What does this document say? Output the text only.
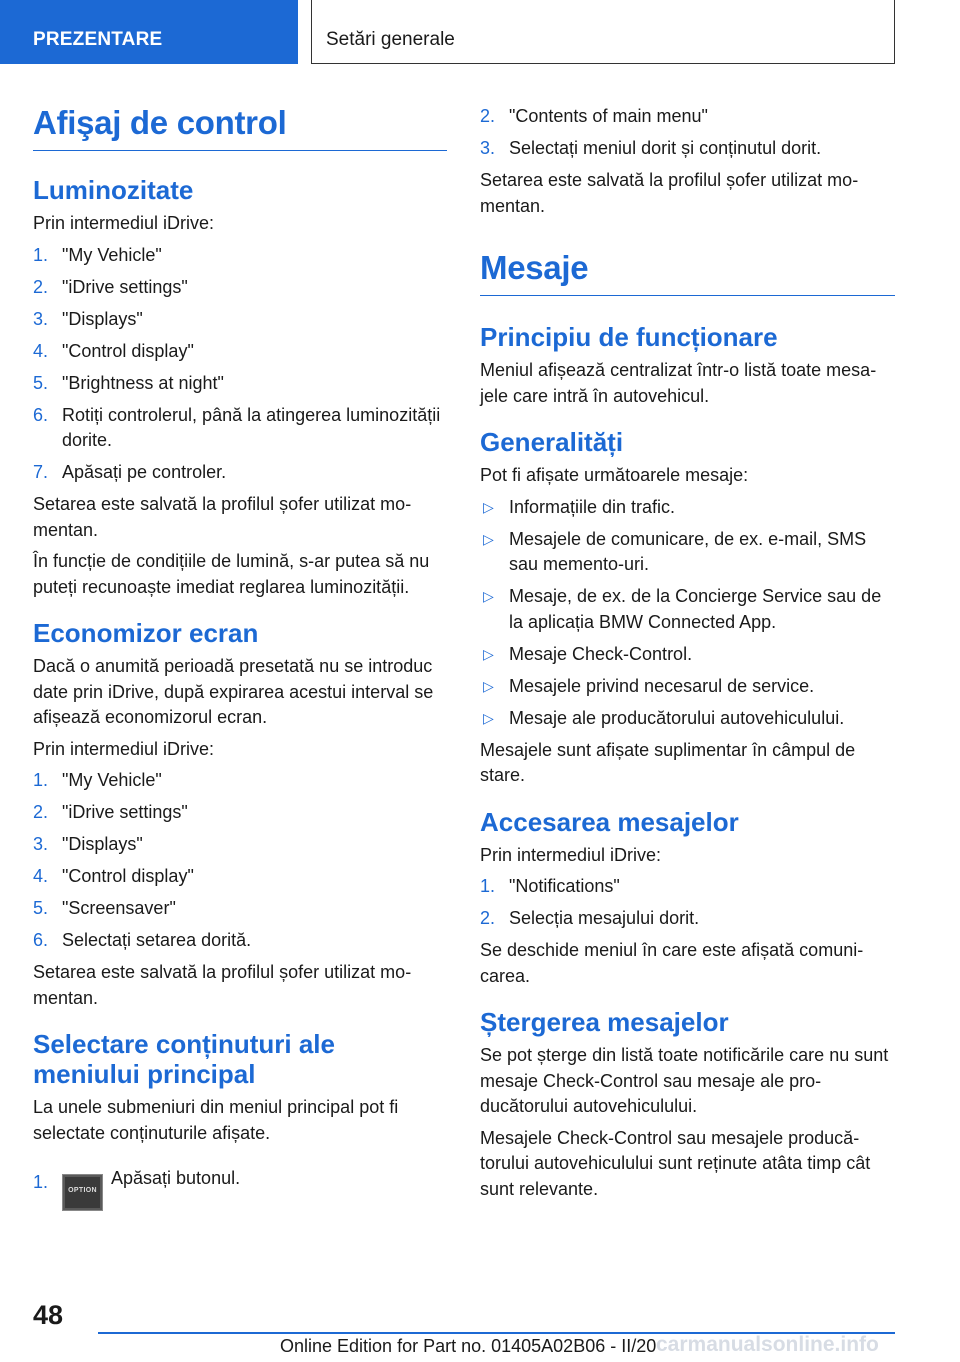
PREZENTARE	Setări generale
Afişaj de control
Luminozitate

Prin intermediul iDrive:

1. "My Vehicle"
2. "iDrive settings"
3. "Displays"
4. "Control display"
5. "Brightness at night"
6. Rotiți controlerul, până la atingerea luminozității dorite.
7. Apăsați pe controler.

Setarea este salvată la profilul șofer utilizat momentan.

În funcție de condițiile de lumină, s-ar putea să nu puteți recunoaște imediat reglarea luminozității.

Economizor ecran

Dacă o anumită perioadă presetată nu se introduc date prin iDrive, după expirarea acestui interval se afișează economizorul ecran.

Prin intermediul iDrive:

1. "My Vehicle"
2. "iDrive settings"
3. "Displays"
4. "Control display"
5. "Screensaver"
6. Selectați setarea dorită.

Setarea este salvată la profilul șofer utilizat momentan.

Selectare conținuturi ale meniului principal

La unele submeniuri din meniul principal pot fi selectate conținuturile afișate.

1.	OPTIONApăsați butonul.
2. "Contents of main menu"
3. Selectați meniul dorit și conținutul dorit.

Setarea este salvată la profilul șofer utilizat momentan.

Mesaje
Principiu de funcționare

Meniul afișează centralizat într-o listă toate mesajele care intră în autovehicul.

Generalități

Pot fi afișate următoarele mesaje:

▷ Informațiile din trafic.
▷ Mesajele de comunicare, de ex. e-mail, SMS sau memento-uri.
▷ Mesaje, de ex. de la Concierge Service sau de la aplicația BMW Connected App.
▷ Mesaje Check-Control.
▷ Mesajele privind necesarul de service.
▷ Mesaje ale producătorului autovehiculului.

Mesajele sunt afișate suplimentar în câmpul de stare.

Accesarea mesajelor

Prin intermediul iDrive:

1. "Notifications"
2. Selecția mesajului dorit.

Se deschide meniul în care este afișată comunicarea.

Ștergerea mesajelor

Se pot șterge din listă toate notificările care nu sunt mesaje Check-Control sau mesaje ale producătorului autovehiculului.

Mesajele Check-Control sau mesajele producătorului autovehiculului sunt reținute atâta timp cât sunt relevante.

48
Online Edition for Part no. 01405A02B06 - II/20 carmanualsonline.info
